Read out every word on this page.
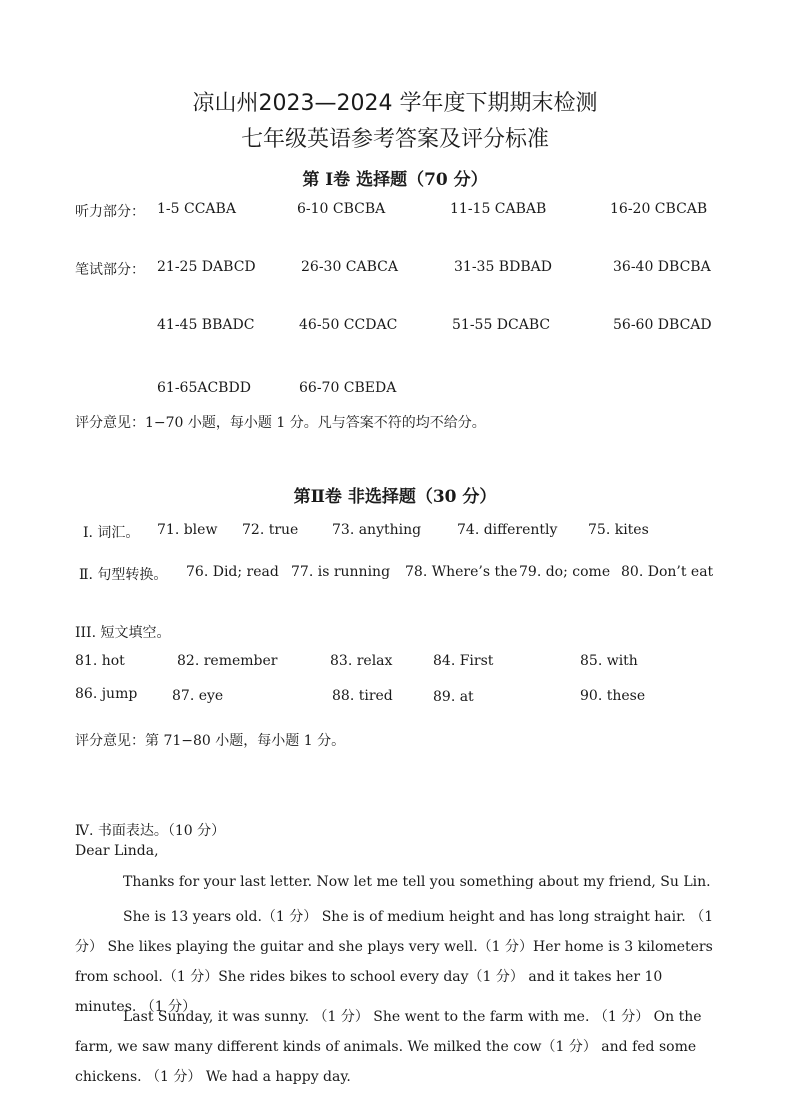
凉山州2023—2024 学年度下期期末检测
七年级英语参考答案及评分标准
第 Ⅰ卷 选择题（70 分）
听力部分： 1-5 CCABA	6-10 CBCBA	11-15 CABAB	16-20 CBCAB
笔试部分： 21-25 DABCD	26-30 CABCA	31-35 BDBAD	36-40 DBCBA
41-45 BBADC	46-50 CCDAC	51-55 DCABC	56-60 DBCAD
61-65ACBDD	66-70 CBEDA
评分意见：1−70 小题，每小题 1 分。凡与答案不符的均不给分。
第Ⅱ卷 非选择题（30 分）
Ⅰ. 词汇。 71. blew 72. true 73. anything	74. differently 75. kites
Ⅱ. 句型转换。 76. Did; read 77. is running 78. Where’s the 79. do; come 80. Don’t eat
III. 短文填空。
81. hot	82. remember	83. relax	84. First	85. with
86. jump 87. eye	88. tired	89. at	90. these
评分意见：第 71−80 小题，每小题 1 分。
Ⅳ. 书面表达。（10 分）
Dear Linda,
Thanks for your last letter. Now let me tell you something about my friend, Su Lin.
She is 13 years old.（1 分） She is of medium height and has long straight hair. （1 分） She likes playing the guitar and she plays very well.（1 分）Her home is 3 kilometers from school.（1 分）She rides bikes to school every day（1 分） and it takes her 10 minutes. （1 分）
Last Sunday, it was sunny. （1 分） She went to the farm with me. （1 分） On the farm, we saw many different kinds of animals. We milked the cow（1 分） and fed some chickens. （1 分） We had a happy day.
